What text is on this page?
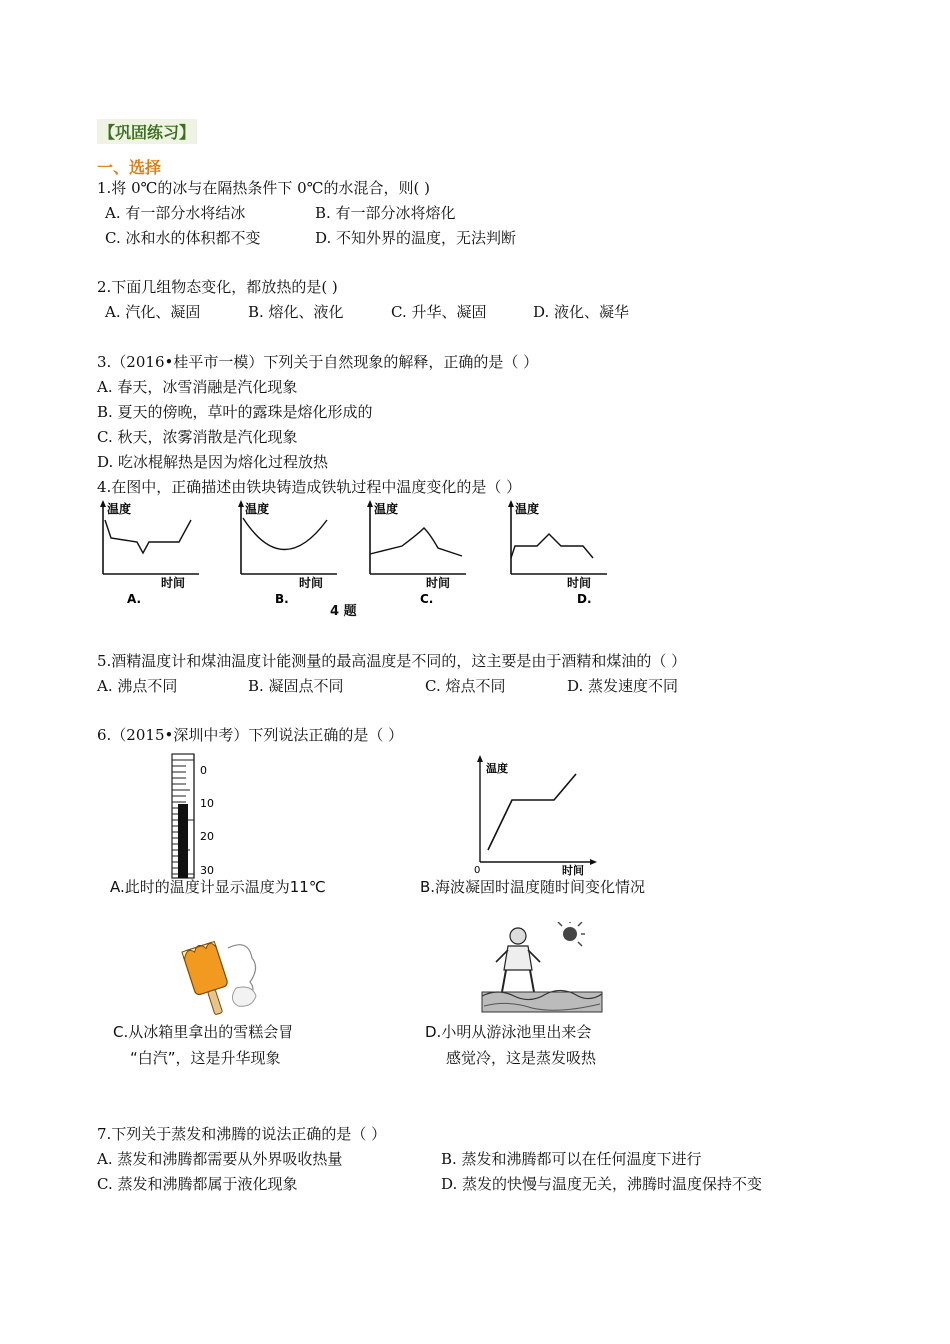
【巩固练习】
一、选择
1.将 0℃的冰与在隔热条件下 0℃的水混合，则( )
A. 有一部分水将结冰	B. 有一部分冰将熔化
C. 冰和水的体积都不变	D. 不知外界的温度，无法判断
2.下面几组物态变化，都放热的是( )
A. 汽化、凝固	B. 熔化、液化	C. 升华、凝固	D. 液化、凝华
3.（2016•桂平市一模）下列关于自然现象的解释，正确的是（ ）
A. 春天，冰雪消融是汽化现象
B. 夏天的傍晚，草叶的露珠是熔化形成的
C. 秋天，浓雾消散是汽化现象
D. 吃冰棍解热是因为熔化过程放热
4.在图中，正确描述由铁块铸造成铁轨过程中温度变化的是（ ）
温度
时间
A.
温度
时间
B.
温度
时间
C.
温度
时间
D.
4 题
5.酒精温度计和煤油温度计能测量的最高温度是不同的，这主要是由于酒精和煤油的（ ）
A. 沸点不同	B. 凝固点不同	C. 熔点不同	D. 蒸发速度不同
6.（2015•深圳中考）下列说法正确的是（ ）
0
10
20
30
A.此时的温度计显示温度为11℃
温度
时间
0
B.海波凝固时温度随时间变化情况
C.从冰箱里拿出的雪糕会冒
“白汽”，这是升华现象
D.小明从游泳池里出来会
感觉冷，这是蒸发吸热
7.下列关于蒸发和沸腾的说法正确的是（ ）
A. 蒸发和沸腾都需要从外界吸收热量	B. 蒸发和沸腾都可以在任何温度下进行
C. 蒸发和沸腾都属于液化现象	D. 蒸发的快慢与温度无关，沸腾时温度保持不变
